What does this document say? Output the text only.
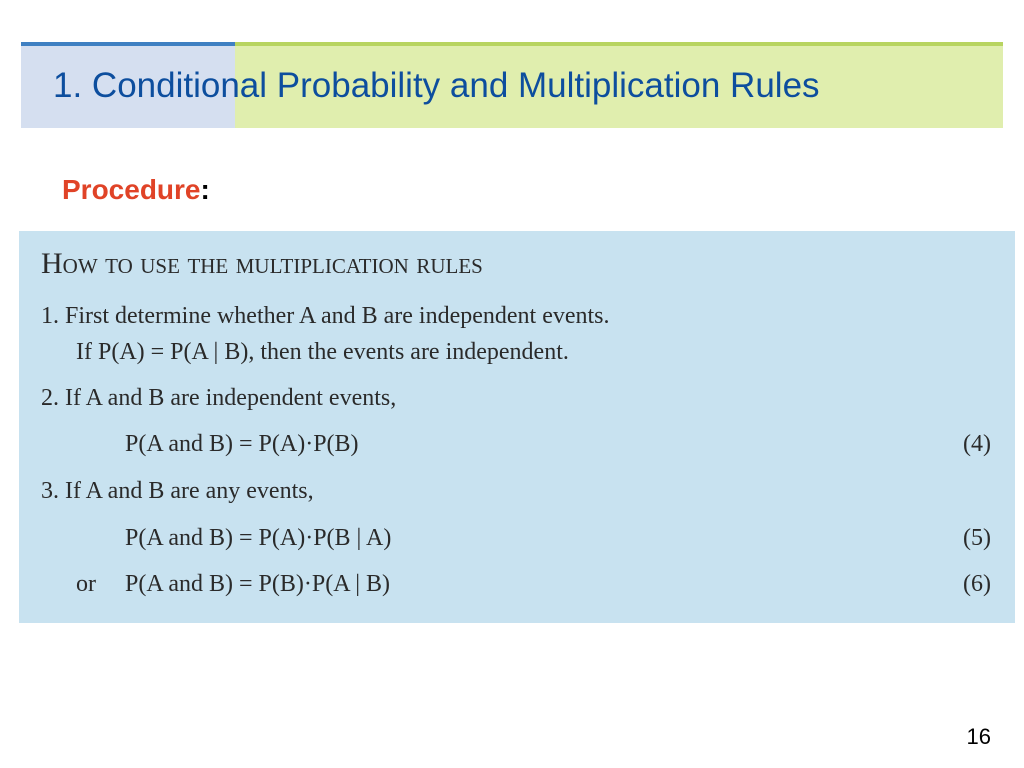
1. Conditional Probability and Multiplication Rules
Procedure:
How to use the multiplication rules
1. First determine whether A and B are independent events.
If P(A) = P(A | B), then the events are independent.
2. If A and B are independent events,
P(A and B) = P(A)·P(B)	(4)
3. If A and B are any events,
P(A and B) = P(A)·P(B | A)	(5)
or P(A and B) = P(B)·P(A | B)	(6)
16
